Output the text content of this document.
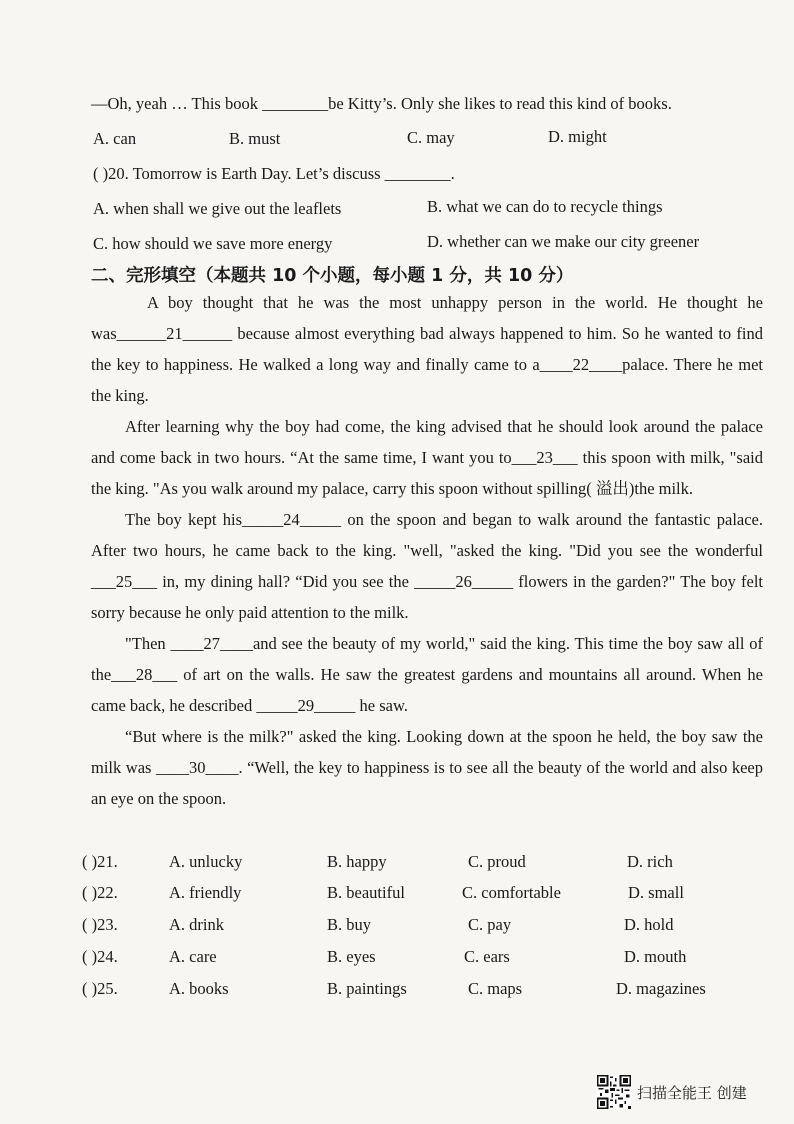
—Oh, yeah … This book ________be Kitty’s. Only she likes to read this kind of books.
A. can	B. must	C. may	D. might
( )20. Tomorrow is Earth Day. Let’s discuss ________.
A. when shall we give out the leaflets	B. what we can do to recycle things
C. how should we save more energy	D. whether can we make our city greener
二、完形填空（本题共 10 个小题，每小题 1 分，共 10 分）

A boy thought that he was the most unhappy person in the world. He thought he was______21______ because almost everything bad always happened to him. So he wanted to find the key to happiness. He walked a long way and finally came to a____22____palace. There he met the king.

After learning why the boy had come, the king advised that he should look around the palace and come back in two hours. “At the same time, I want you to___23___ this spoon with milk, "said the king. "As you walk around my palace, carry this spoon without spilling( 溢出)the milk.

The boy kept his_____24_____ on the spoon and began to walk around the fantastic palace. After two hours, he came back to the king. "well, "asked the king. "Did you see the wonderful ___25___ in, my dining hall? “Did you see the _____26_____ flowers in the garden?" The boy felt sorry because he only paid attention to the milk.

"Then ____27____and see the beauty of my world," said the king. This time the boy saw all of the___28___ of art on the walls. He saw the greatest gardens and mountains all around. When he came back, he described _____29_____ he saw.

“But where is the milk?" asked the king. Looking down at the spoon he held, the boy saw the milk was ____30____. “Well, the key to happiness is to see all the beauty of the world and also keep an eye on the spoon.

( )21.	A. unlucky	B. happy	C. proud	D. rich
( )22.	A. friendly	B. beautiful	C. comfortable	D. small
( )23.	A. drink	B. buy	C. pay	D. hold
( )24.	A. care	B. eyes	C. ears	D. mouth
( )25.	A. books	B. paintings	C. maps	D. magazines
扫描全能王 创建
